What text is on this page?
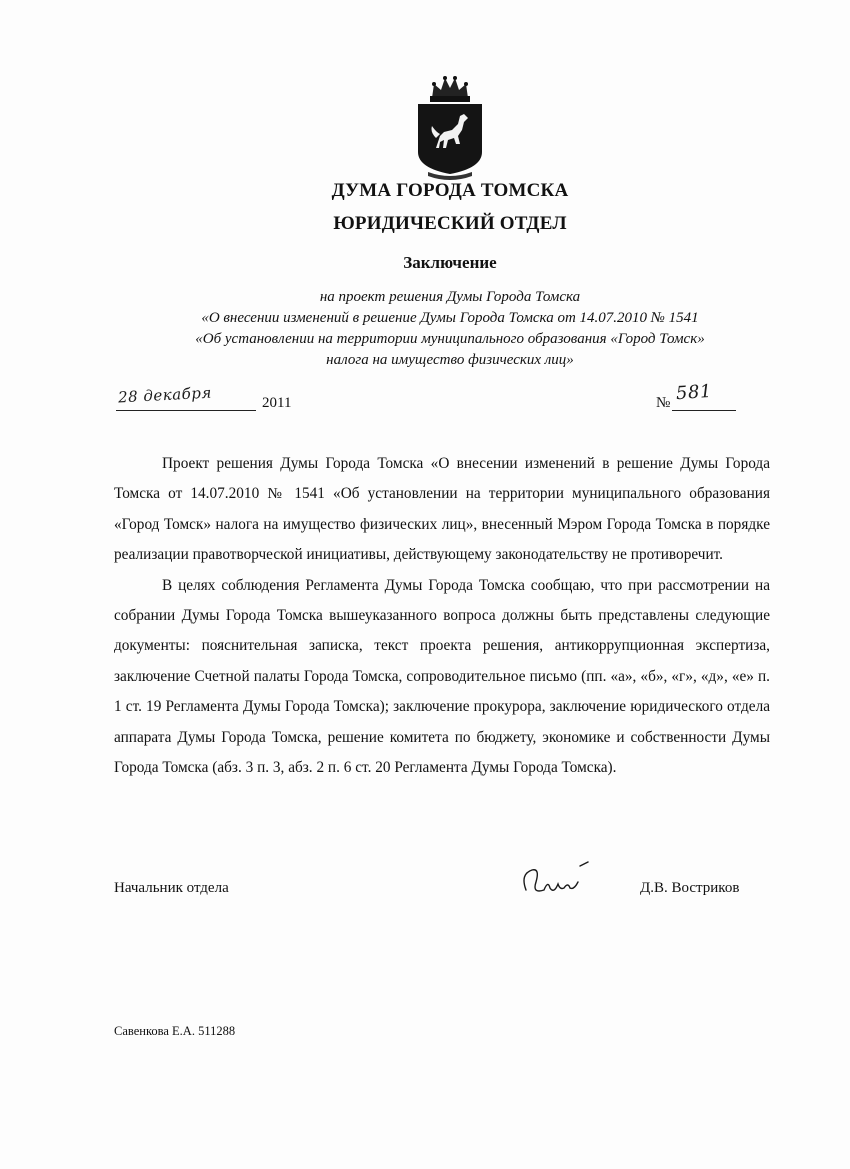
ДУМА ГОРОДА ТОМСКА
ЮРИДИЧЕСКИЙ ОТДЕЛ
Заключение
на проект решения Думы Города Томска
«О внесении изменений в решение Думы Города Томска от 14.07.2010 № 1541
«Об установлении на территории муниципального образования «Город Томск»
налога на имущество физических лиц»
28 декабря	2011	№ 581

Проект решения Думы Города Томска «О внесении изменений в решение Думы Города Томска от 14.07.2010 № 1541 «Об установлении на территории муниципального образования «Город Томск» налога на имущество физических лиц», внесенный Мэром Города Томска в порядке реализации правотворческой инициативы, действующему законодательству не противоречит.

В целях соблюдения Регламента Думы Города Томска сообщаю, что при рассмотрении на собрании Думы Города Томска вышеуказанного вопроса должны быть представлены следующие документы: пояснительная записка, текст проекта решения, антикоррупционная экспертиза, заключение Счетной палаты Города Томска, сопроводительное письмо (пп. «а», «б», «г», «д», «е» п. 1 ст. 19 Регламента Думы Города Томска); заключение прокурора, заключение юридического отдела аппарата Думы Города Томска, решение комитета по бюджету, экономике и собственности Думы Города Томска (абз. 3 п. 3, абз. 2 п. 6 ст. 20 Регламента Думы Города Томска).

Начальник отдела	Д.В. Востриков
Савенкова Е.А. 511288
